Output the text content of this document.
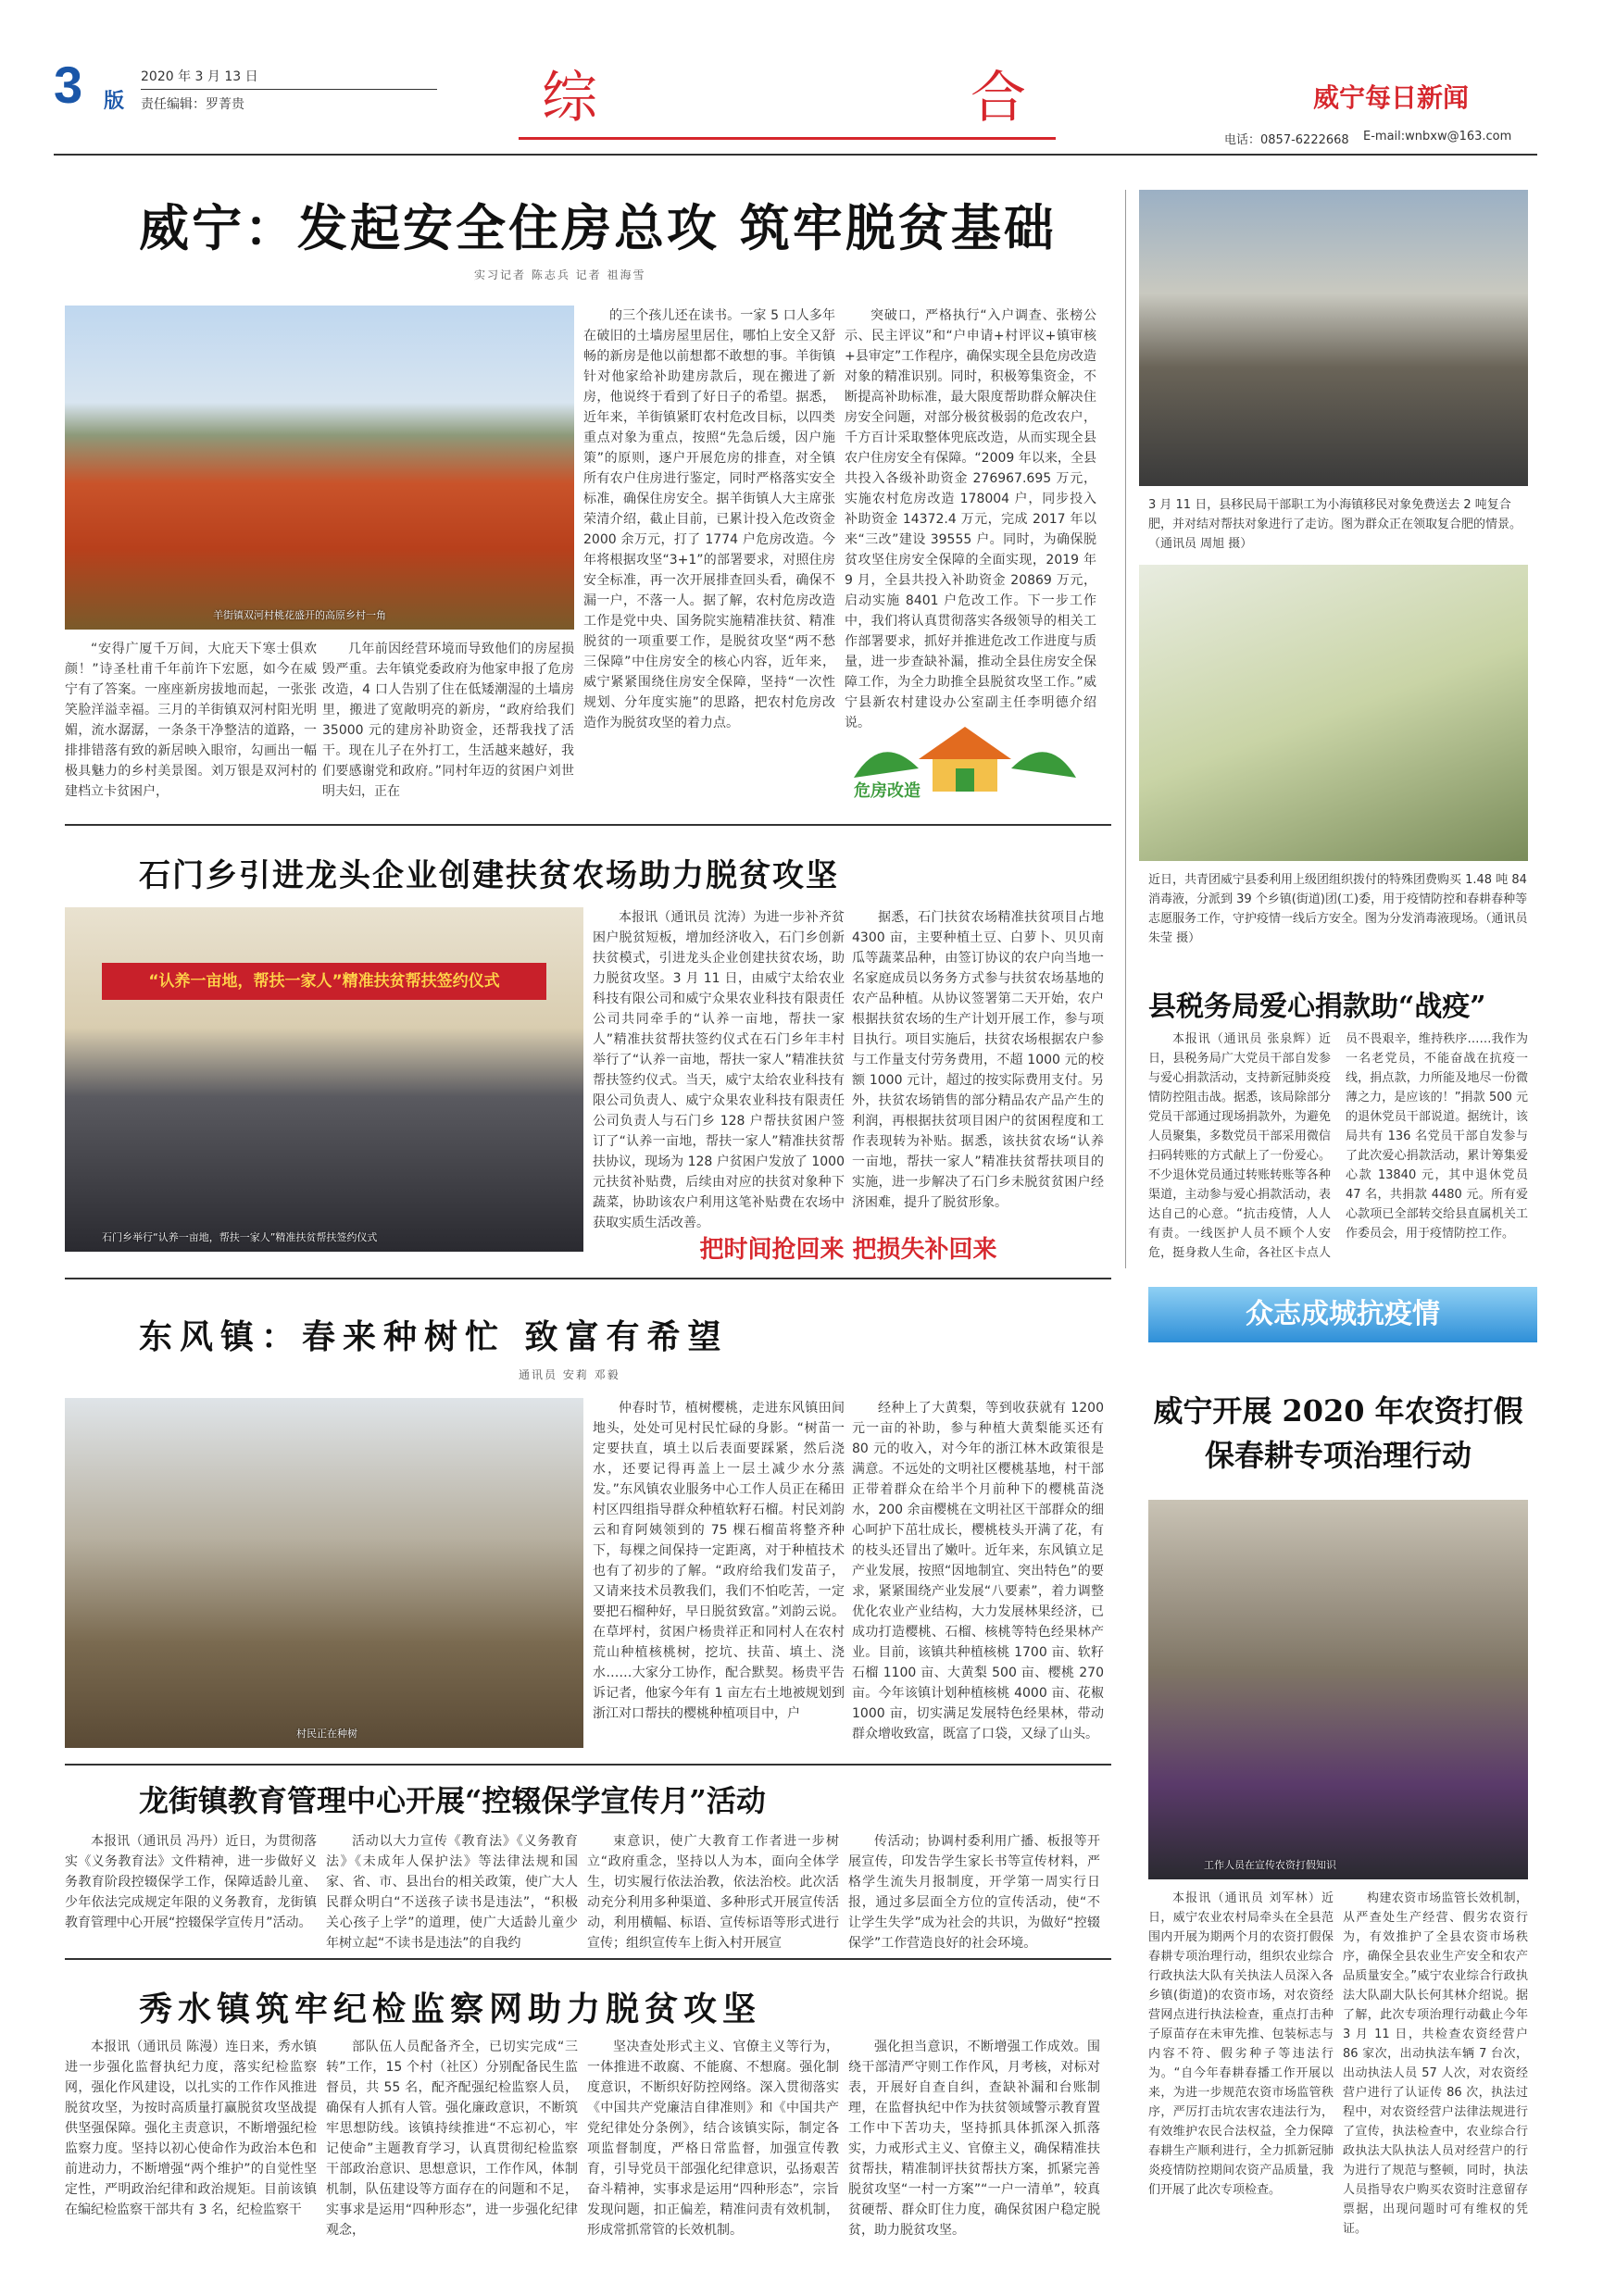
3 版
2020 年 3 月 13 日
责任编辑：罗菁贵	综	合	威宁每日新闻
电话：0857-6222668 E-mail:wnbxw@163.com
威宁：发起安全住房总攻 筑牢脱贫基础
实习记者 陈志兵 记者 祖海雪
羊街镇双河村桃花盛开的高原乡村一角

“安得广厦千万间，大庇天下寒士俱欢颜！”诗圣杜甫千年前许下宏愿，如今在威宁有了答案。一座座新房拔地而起，一张张笑脸洋溢幸福。三月的羊街镇双河村阳光明媚，流水潺潺，一条条干净整洁的道路，一排排错落有致的新居映入眼帘，勾画出一幅极具魅力的乡村美景图。刘万银是双河村的建档立卡贫困户，

几年前因经营环境而导致他们的房屋损毁严重。去年镇党委政府为他家申报了危房改造，4 口人告别了住在低矮潮湿的土墙房里，搬进了宽敞明亮的新房，“政府给我们 35000 元的建房补助资金，还帮我找了活干。现在儿子在外打工，生活越来越好，我们要感谢党和政府。”同村年迈的贫困户刘世明夫妇，正在

的三个孩儿还在读书。一家 5 口人多年在破旧的土墙房屋里居住，哪怕上安全又舒畅的新房是他以前想都不敢想的事。羊街镇针对他家给补助建房款后，现在搬进了新房，他说终于看到了好日子的希望。据悉，近年来，羊街镇紧盯农村危改目标，以四类重点对象为重点，按照“先急后缓，因户施策”的原则，逐户开展危房的排查，对全镇所有农户住房进行鉴定，同时严格落实安全标准，确保住房安全。据羊街镇人大主席张荣清介绍，截止目前，已累计投入危改资金 2000 余万元，打了 1774 户危房改造。今年将根据攻坚“3+1”的部署要求，对照住房安全标准，再一次开展排查回头看，确保不漏一户，不落一人。据了解，农村危房改造工作是党中央、国务院实施精准扶贫、精准脱贫的一项重要工作，是脱贫攻坚“两不愁三保障”中住房安全的核心内容，近年来，威宁紧紧围绕住房安全保障，坚持“一次性规划、分年度实施”的思路，把农村危房改造作为脱贫攻坚的着力点。

突破口，严格执行“入户调查、张榜公示、民主评议”和“户申请+村评议+镇审核+县审定”工作程序，确保实现全县危房改造对象的精准识别。同时，积极筹集资金，不断提高补助标准，最大限度帮助群众解决住房安全问题，对部分极贫极弱的危改农户，千方百计采取整体兜底改造，从而实现全县农户住房安全有保障。“2009 年以来，全县共投入各级补助资金 276967.695 万元，实施农村危房改造 178004 户，同步投入补助资金 14372.4 万元，完成 2017 年以来“三改”建设 39555 户。同时，为确保脱贫攻坚住房安全保障的全面实现，2019 年 9 月，全县共投入补助资金 20869 万元，启动实施 8401 户危改工作。下一步工作中，我们将认真贯彻落实各级领导的相关工作部署要求，抓好并推进危改工作进度与质量，进一步查缺补漏，推动全县住房安全保障工作，为全力助推全县脱贫攻坚工作。”威宁县新农村建设办公室副主任李明德介绍说。

危房改造
3 月 11 日，县移民局干部职工为小海镇移民对象免费送去 2 吨复合肥，并对结对帮扶对象进行了走访。图为群众正在领取复合肥的情景。（通讯员 周旭 摄）
近日，共青团威宁县委利用上级团组织拨付的特殊团费购买 1.48 吨 84 消毒液，分派到 39 个乡镇(街道)团(工)委，用于疫情防控和春耕春种等志愿服务工作，守护疫情一线后方安全。图为分发消毒液现场。（通讯员 朱莹 摄）
石门乡引进龙头企业创建扶贫农场助力脱贫攻坚
“认养一亩地，帮扶一家人”精准扶贫帮扶签约仪式
石门乡举行“认养一亩地，帮扶一家人”精准扶贫帮扶签约仪式

本报讯（通讯员 沈涛）为进一步补齐贫困户脱贫短板，增加经济收入，石门乡创新扶贫模式，引进龙头企业创建扶贫农场，助力脱贫攻坚。3 月 11 日，由威宁太给农业科技有限公司和威宁众果农业科技有限责任公司共同牵手的“认养一亩地，帮扶一家人”精准扶贫帮扶签约仪式在石门乡年丰村举行了“认养一亩地，帮扶一家人”精准扶贫帮扶签约仪式。当天，威宁太给农业科技有限公司负责人、威宁众果农业科技有限责任公司负责人与石门乡 128 户帮扶贫困户签订了“认养一亩地，帮扶一家人”精准扶贫帮扶协议，现场为 128 户贫困户发放了 1000 元扶贫补贴费，后续由对应的扶贫对象种下蔬菜，协助该农户利用这笔补贴费在农场中获取实质生活改善。

据悉，石门扶贫农场精准扶贫项目占地 4300 亩，主要种植土豆、白萝卜、贝贝南瓜等蔬菜品种，由签订协议的农户向当地一名家庭成员以务务方式参与扶贫农场基地的农产品种植。从协议签署第二天开始，农户根据扶贫农场的生产计划开展工作，参与项目执行。项目实施后，扶贫农场根据农户参与工作量支付劳务费用，不超 1000 元的校额 1000 元计，超过的按实际费用支付。另外，扶贫农场销售的部分精品农产品产生的利润，再根据扶贫项目困户的贫困程度和工作表现转为补贴。据悉，该扶贫农场“认养一亩地，帮扶一家人”精准扶贫帮扶项目的实施，进一步解决了石门乡未脱贫贫困户经济困难，提升了脱贫形象。

把时间抢回来 把损失补回来
县税务局爱心捐款助“战疫”

本报讯（通讯员 张泉辉）近日，县税务局广大党员干部自发参与爱心捐款活动，支持新冠肺炎疫情防控阻击战。据悉，该局除部分党员干部通过现场捐款外，为避免人员聚集，多数党员干部采用微信扫码转账的方式献上了一份爱心。不少退休党员通过转账转账等各种渠道，主动参与爱心捐款活动，表达自己的心意。“抗击疫情，人人有责。一线医护人员不顾个人安危，挺身救人生命，各社区卡点人员不畏艰辛，维持秩序……我作为一名老党员，不能奋战在抗疫一线，捐点款，力所能及地尽一份微薄之力，是应该的！”捐款 500 元的退休党员干部说道。据统计，该局共有 136 名党员干部自发参与了此次爱心捐款活动，累计筹集爱心款 13840 元，其中退休党员 47 名，共捐款 4480 元。所有爱心款项已全部转交给县直属机关工作委员会，用于疫情防控工作。

众志成城抗疫情
东风镇：春来种树忙 致富有希望
通讯员 安莉 邓毅
村民正在种树

仲春时节，植树樱桃，走进东风镇田间地头，处处可见村民忙碌的身影。“树苗一定要扶直，填土以后表面要踩紧，然后浇水，还要记得再盖上一层土减少水分蒸发。”东风镇农业服务中心工作人员正在稀田村区四组指导群众种植软籽石榴。村民刘韵云和育阿姨领到的 75 棵石榴苗将整齐种下，每棵之间保持一定距离，对于种植技术也有了初步的了解。“政府给我们发苗子，又请来技术员教我们，我们不怕吃苦，一定要把石榴种好，早日脱贫致富。”刘韵云说。在草坪村，贫困户杨贵祥正和同村人在农村荒山种植核桃树，挖坑、扶苗、填土、浇水……大家分工协作，配合默契。杨贵平告诉记者，他家今年有 1 亩左右土地被规划到浙江对口帮扶的樱桃种植项目中，户

经种上了大黄梨，等到收获就有 1200 元一亩的补助，参与种植大黄梨能买还有 80 元的收入，对今年的浙江林木政策很是满意。不远处的文明社区樱桃基地，村干部正带着群众在给半个月前种下的樱桃苗浇水，200 余亩樱桃在文明社区干部群众的细心呵护下茁壮成长，樱桃枝头开满了花，有的枝头还冒出了嫩叶。近年来，东风镇立足产业发展，按照“因地制宜、突出特色”的要求，紧紧围绕产业发展“八要素”，着力调整优化农业产业结构，大力发展林果经济，已成功打造樱桃、石榴、核桃等特色经果林产业。目前，该镇共种植核桃 1700 亩、软籽石榴 1100 亩、大黄梨 500 亩、樱桃 270 亩。今年该镇计划种植核桃 4000 亩、花椒 1000 亩，切实满足发展特色经果林，带动群众增收致富，既富了口袋，又绿了山头。

龙街镇教育管理中心开展“控辍保学宣传月”活动

本报讯（通讯员 冯丹）近日，为贯彻落实《义务教育法》文件精神，进一步做好义务教育阶段控辍保学工作，保障适龄儿童、少年依法完成规定年限的义务教育，龙街镇教育管理中心开展“控辍保学宣传月”活动。

活动以大力宣传《教育法》《义务教育法》《未成年人保护法》等法律法规和国家、省、市、县出台的相关政策，使广大人民群众明白“不送孩子读书是违法”，“积极关心孩子上学”的道理，使广大适龄儿童少年树立起“不读书是违法”的自我约

束意识，使广大教育工作者进一步树立“政府重念，坚持以人为本，面向全体学生，切实履行依法治教，依法治校。此次活动充分利用多种渠道、多种形式开展宣传活动，利用横幅、标语、宣传标语等形式进行宣传；组织宣传车上街入村开展宣

传活动；协调村委利用广播、板报等开展宣传，印发告学生家长书等宣传材料，严格学生流失月报制度，开学第一周实行日报，通过多层面全方位的宣传活动，使“不让学生失学”成为社会的共识，为做好“控辍保学”工作营造良好的社会环境。

威宁开展 2020 年农资打假保春耕专项治理行动
工作人员在宣传农资打假知识

本报讯（通讯员 刘军林）近日，威宁农业农村局牵头在全县范围内开展为期两个月的农资打假保春耕专项治理行动，组织农业综合行政执法大队有关执法人员深入各乡镇(街道)的农资市场，对农资经营网点进行执法检查，重点打击种子原苗存在未审先推、包装标志与内容不符、假劣种子等违法行为。“自今年春耕春播工作开展以来，为进一步规范农资市场监管秩序，严厉打击坑农害农违法行为，有效维护农民合法权益，全力保障春耕生产顺利进行，全力抓新冠肺炎疫情防控期间农资产品质量，我们开展了此次专项检查。

构建农资市场监管长效机制，从严查处生产经营、假劣农资行为，有效推护了全县农资市场秩序，确保全县农业生产安全和农产品质量安全。”威宁农业综合行政执法大队副大队长何其林介绍说。据了解，此次专项治理行动截止今年 3 月 11 日，共检查农资经营户 86 家次，出动执法车辆 7 台次，出动执法人员 57 人次，对农资经营户进行了认证传 86 次，执法过程中，对农资经营户法律法规进行了宣传，执法检查中，农业综合行政执法大队执法人员对经营户的行为进行了规范与整顿，同时，执法人员指导农户购买农资时注意留存票据，出现问题时可有维权的凭证。

秀水镇筑牢纪检监察网助力脱贫攻坚

本报讯（通讯员 陈漫）连日来，秀水镇进一步强化监督执纪力度，落实纪检监察网，强化作风建设，以扎实的工作作风推进脱贫攻坚，为按时高质量打赢脱贫攻坚战提供坚强保障。强化主责意识，不断增强纪检监察力度。坚持以初心使命作为政治本色和前进动力，不断增强“两个维护”的自觉性坚定性，严明政治纪律和政治规矩。目前该镇在编纪检监察干部共有 3 名，纪检监察干

部队伍人员配备齐全，已切实完成“三转”工作，15 个村（社区）分别配备民生监督员，共 55 名，配齐配强纪检监察人员，确保有人抓有人管。强化廉政意识，不断筑牢思想防线。该镇持续推进“不忘初心，牢记使命”主题教育学习，认真贯彻纪检监察干部政治意识、思想意识，工作作风，体制机制，队伍建设等方面存在的问题和不足，实事求是运用“四种形态”，进一步强化纪律观念，

坚决查处形式主义、官僚主义等行为，一体推进不敢腐、不能腐、不想腐。强化制度意识，不断织好防控网络。深入贯彻落实《中国共产党廉洁自律准则》和《中国共产党纪律处分条例》，结合该镇实际，制定各项监督制度，严格日常监督，加强宣传教育，引导党员干部强化纪律意识，弘扬艰苦奋斗精神，实事求是运用“四种形态”，宗旨发现问题，扣正偏差，精准问责有效机制，形成常抓常管的长效机制。

强化担当意识，不断增强工作成效。围绕干部清严守则工作作风，月考核，对标对表，开展好自查自纠，查缺补漏和台账制理，在监督执纪中作为扶贫领域警示教育置工作中下苦功夫，坚持抓具体抓深入抓落实，力戒形式主义、官僚主义，确保精准扶贫帮扶，精准制评扶贫帮扶方案，抓紧完善脱贫攻坚“一村一方案”“一户一清单”，较真贫硬帮、群众盯住力度，确保贫困户稳定脱贫，助力脱贫攻坚。
